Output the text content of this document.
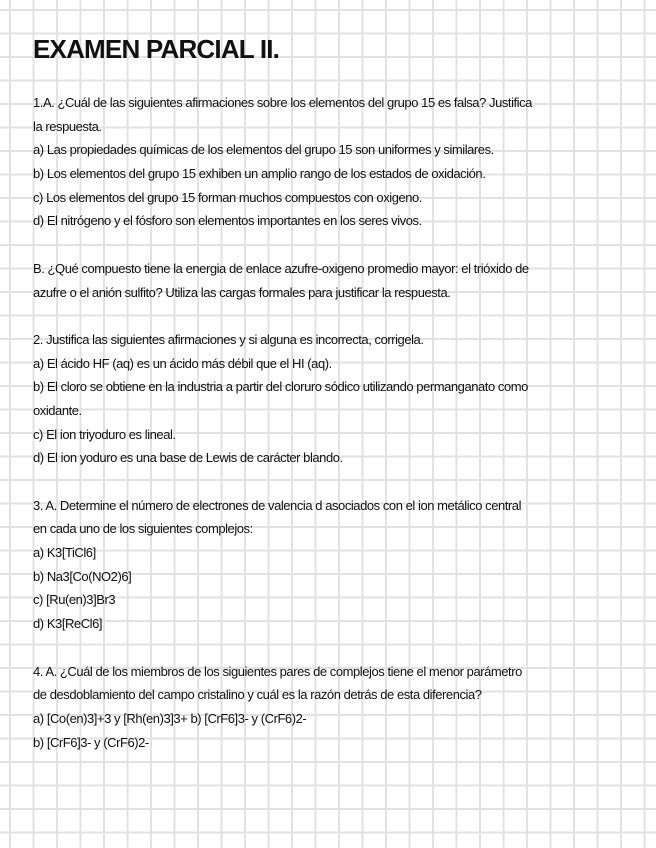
EXAMEN PARCIAL II.
1.A. ¿Cuál de las siguientes afirmaciones sobre los elementos del grupo 15 es falsa? Justifica
la respuesta.
a) Las propiedades químicas de los elementos del grupo 15 son uniformes y similares.
b) Los elementos del grupo 15 exhiben un amplio rango de los estados de oxidación.
c) Los elementos del grupo 15 forman muchos compuestos con oxigeno.
d) El nitrógeno y el fósforo son elementos importantes en los seres vivos.
B. ¿Qué compuesto tiene la energia de enlace azufre-oxigeno promedio mayor: el trióxido de
azufre o el anión sulfito? Utiliza las cargas formales para justificar la respuesta.
2. Justifica las siguientes afirmaciones y si alguna es incorrecta, corrigela.
a) El ácido HF (aq) es un ácido más débil que el HI (aq).
b) El cloro se obtiene en la industria a partir del cloruro sódico utilizando permanganato como
oxidante.
c) El ion triyoduro es lineal.
d) El ion yoduro es una base de Lewis de carácter blando.
3. A. Determine el número de electrones de valencia d asociados con el ion metálico central
en cada uno de los siguientes complejos:
a) K3[TiCl6]
b) Na3[Co(NO2)6]
c) [Ru(en)3]Br3
d) K3[ReCl6]
4. A. ¿Cuál de los miembros de los siguientes pares de complejos tiene el menor parámetro
de desdoblamiento del campo cristalino y cuál es la razón detrás de esta diferencia?
a) [Co(en)3]+3 y [Rh(en)3]3+ b) [CrF6]3- y (CrF6)2-
b) [CrF6]3- y (CrF6)2-
